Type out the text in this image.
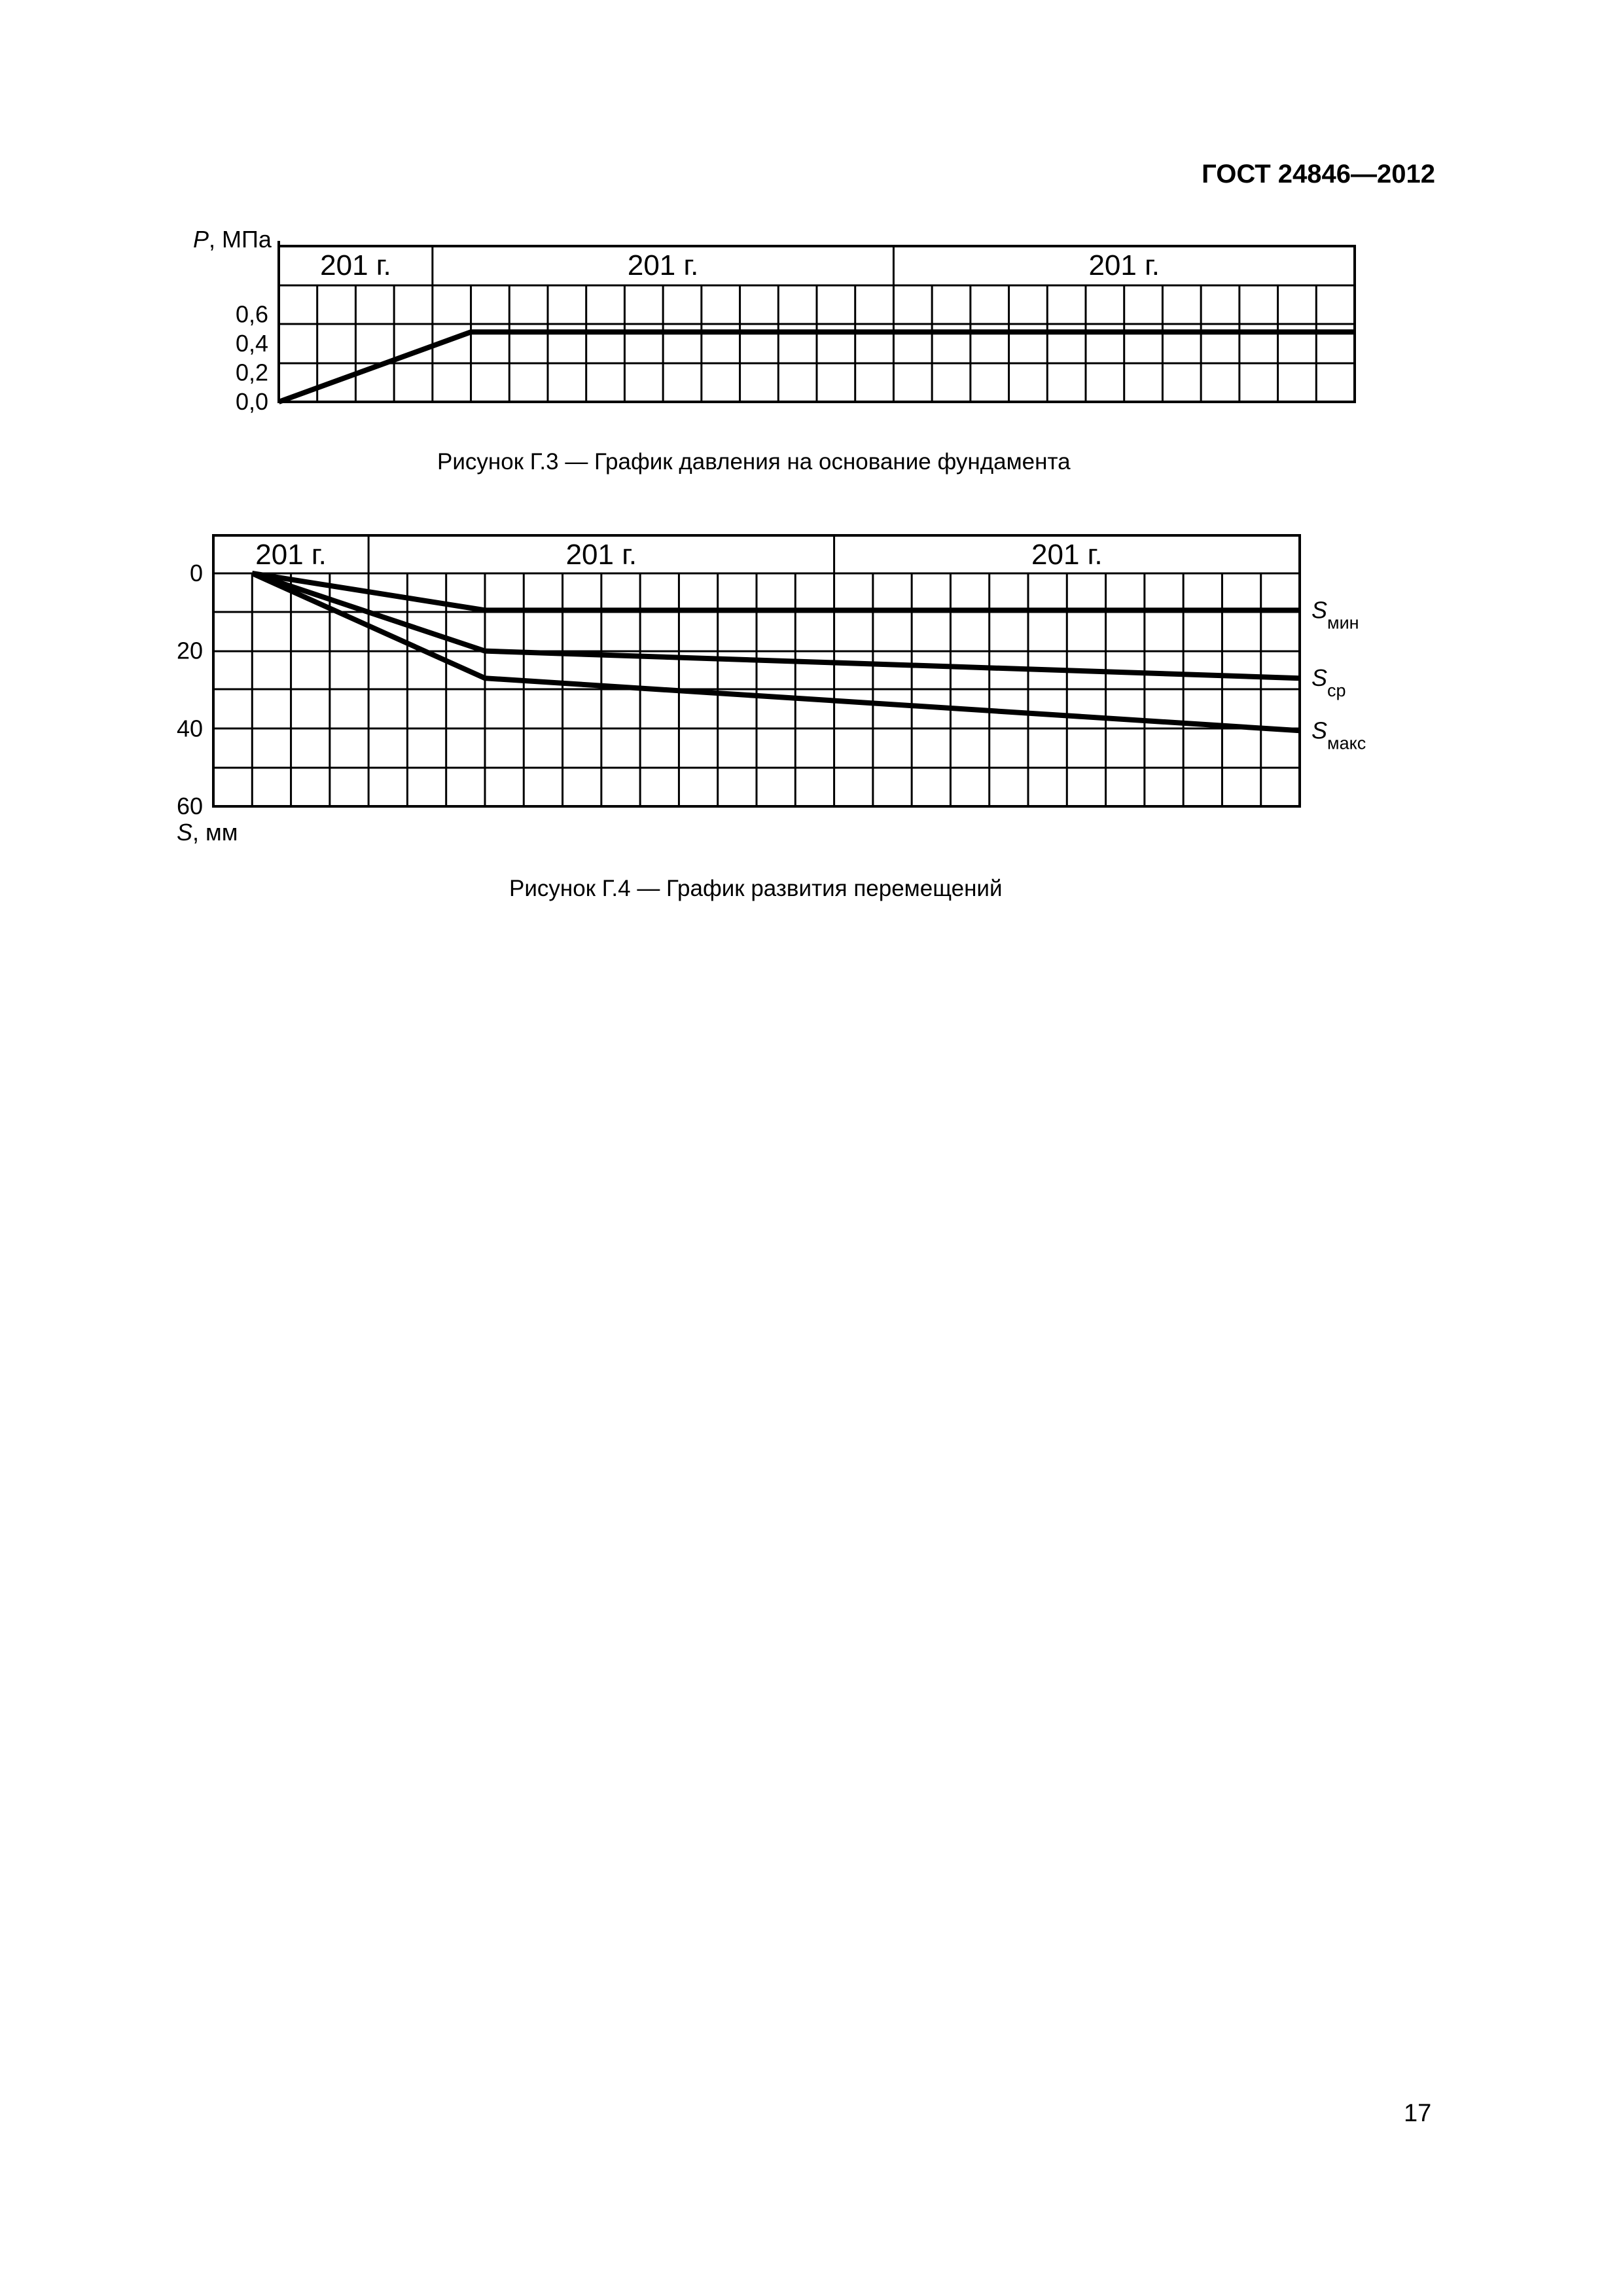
ГОСТ 24846—2012

201 г.	201 г.	201 г.
0,0
0,2
0,4
0,6
P, МПа
201 г.	201 г.	201 г.
0
20
40
60
S, мм
$S_{мин}$
$S_{ср}$
$S_{макс}$

Рисунок Г.3 — График давления на основание фундамента

Рисунок Г.4 — График развития перемещений

17
